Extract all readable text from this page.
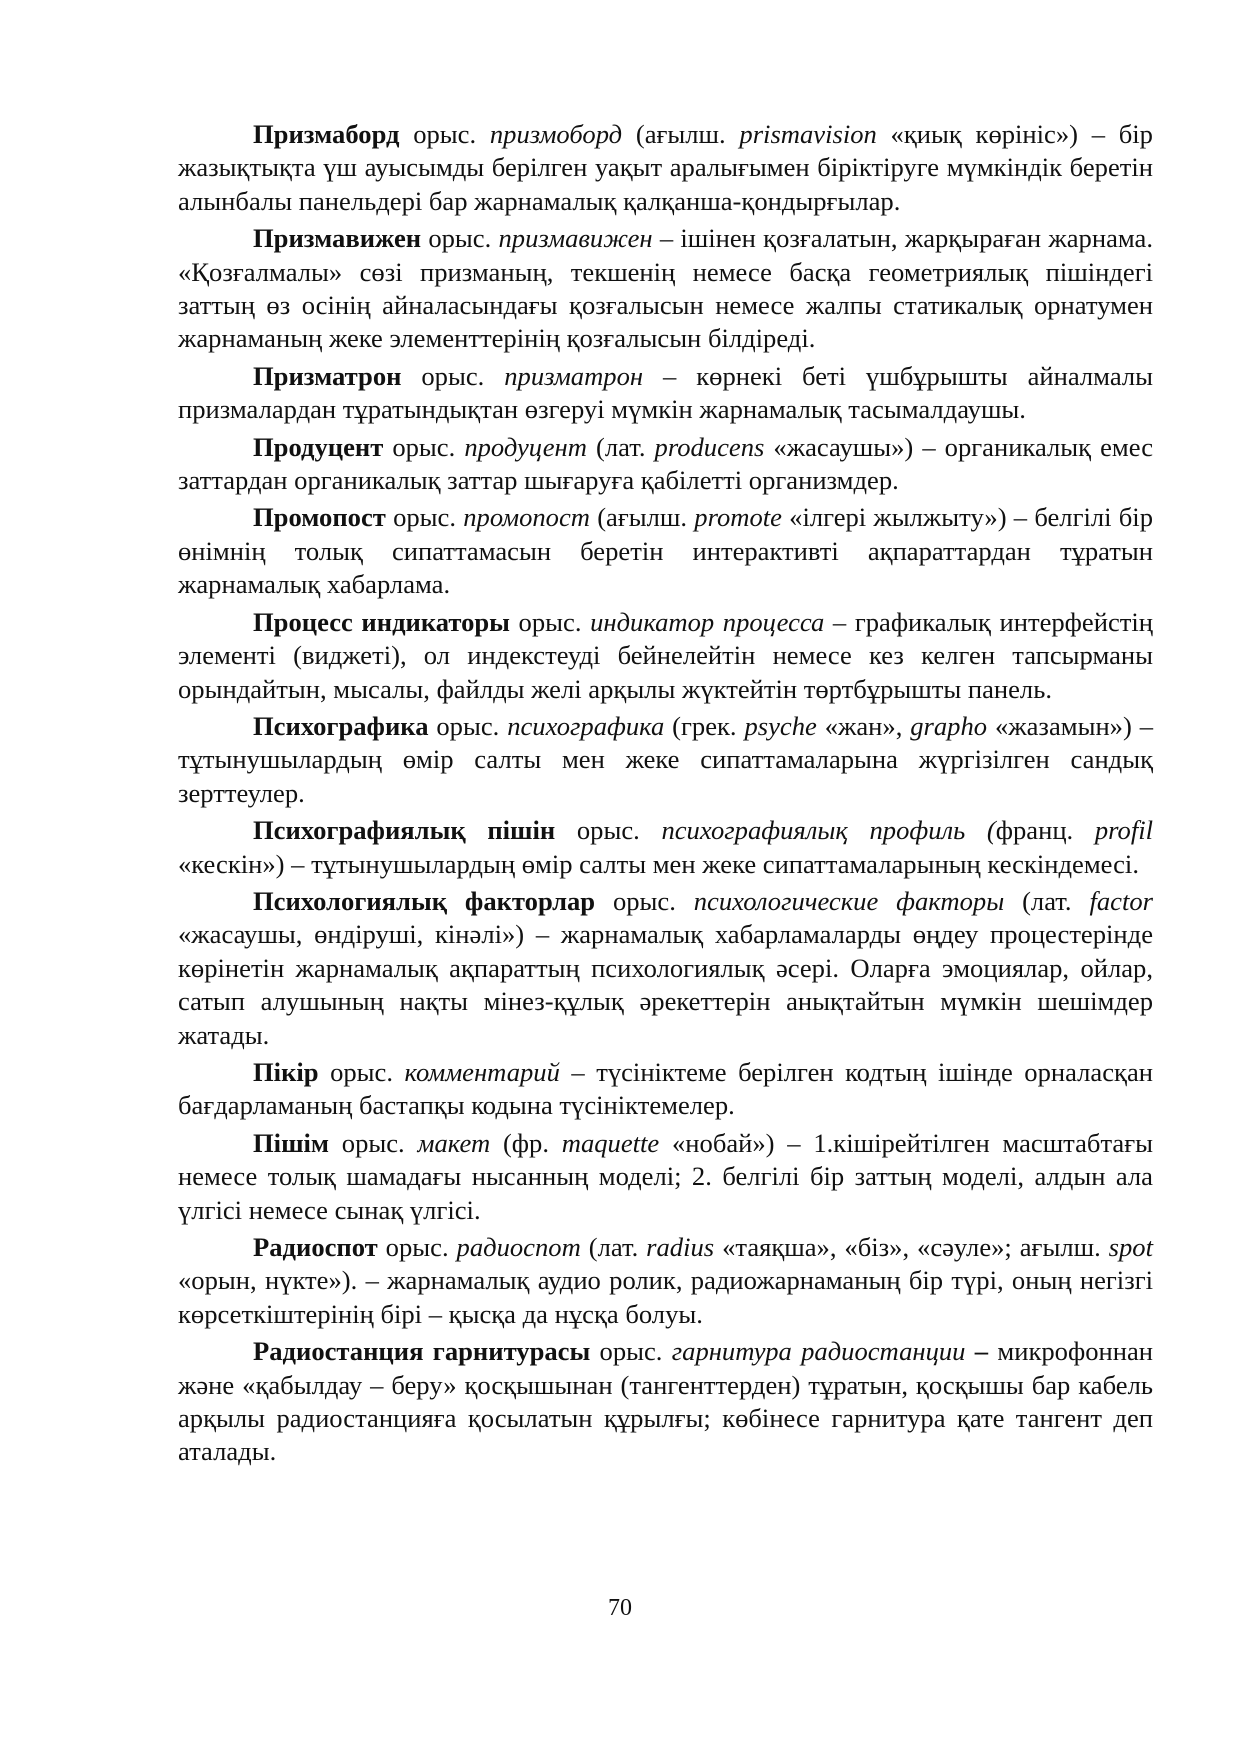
Призмаборд орыс. призмоборд (ағылш. prismavision «қиық көрініс») – бір жазықтықта үш ауысымды берілген уақыт аралығымен біріктіруге мүмкіндік беретін алынбалы панельдері бар жарнамалық қалқанша-қондырғылар.

Призмавижен орыс. призмавижен – ішінен қозғалатын, жарқыраған жарнама. «Қозғалмалы» сөзі призманың, текшенің немесе басқа геометриялық пішіндегі заттың өз осінің айналасындағы қозғалысын немесе жалпы статикалық орнатумен жарнаманың жеке элементтерінің қозғалысын білдіреді.

Призматрон орыс. призматрон – көрнекі беті үшбұрышты айналмалы призмалардан тұратындықтан өзгеруі мүмкін жарнамалық тасымалдаушы.

Продуцент орыс. продуцент (лат. producens «жасаушы») – органикалық емес заттардан органикалық заттар шығаруға қабілетті организмдер.

Промопост орыс. промопост (ағылш. promote «ілгері жылжыту») – белгілі бір өнімнің толық сипаттамасын беретін интерактивті ақпараттардан тұратын жарнамалық хабарлама.

Процесс индикаторы орыс. индикатор процесса – графикалық интерфейстің элементі (виджеті), ол индекстеуді бейнелейтін немесе кез келген тапсырманы орындайтын, мысалы, файлды желі арқылы жүктейтін төртбұрышты панель.

Психографика орыс. психографика (грек. psyche «жан», grapho «жазамын») – тұтынушылардың өмір салты мен жеке сипаттамаларына жүргізілген сандық зерттеулер.

Психографиялық пішін орыс. психографиялық профиль (франц. profil «кескін») – тұтынушылардың өмір салты мен жеке сипаттамаларының кескіндемесі.

Психологиялық факторлар орыс. психологические факторы (лат. factor «жасаушы, өндіруші, кінәлі») – жарнамалық хабарламаларды өңдеу процестерінде көрінетін жарнамалық ақпараттың психологиялық әсері. Оларға эмоциялар, ойлар, сатып алушының нақты мінез-құлық әрекеттерін анықтайтын мүмкін шешімдер жатады.

Пікір орыс. комментарий – түсініктеме берілген кодтың ішінде орналасқан бағдарламаның бастапқы кодына түсініктемелер.

Пішім орыс. макет (фр. maquette «нобай») – 1.кішірейтілген масштабтағы немесе толық шамадағы нысанның моделі; 2. белгілі бір заттың моделі, алдын ала үлгісі немесе сынақ үлгісі.

Радиоспот орыс. радиоспот (лат. radius «таяқша», «біз», «сәуле»; ағылш. spot «орын, нүкте»). – жарнамалық аудио ролик, радиожарнаманың бір түрі, оның негізгі көрсеткіштерінің бірі – қысқа да нұсқа болуы.

Радиостанция гарнитурасы орыс. гарнитура радиостанции – микрофоннан және «қабылдау – беру» қосқышынан (тангенттерден) тұратын, қосқышы бар кабель арқылы радиостанцияға қосылатын құрылғы; көбінесе гарнитура қате тангент деп аталады.

70
